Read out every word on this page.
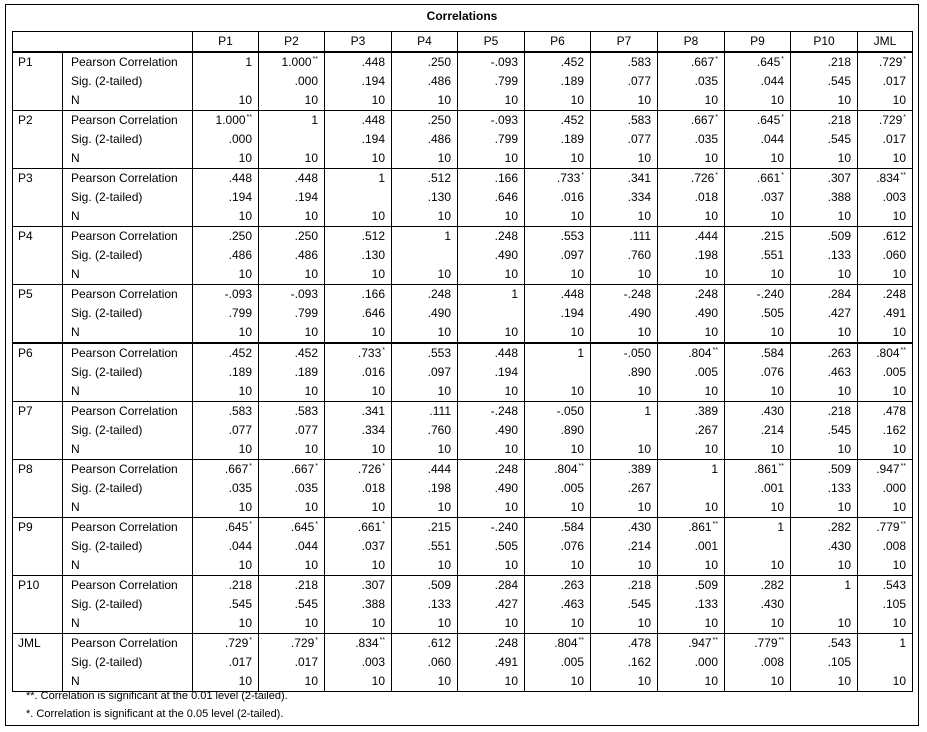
Correlations
		P1	P2	P3	P4	P5	P6	P7	P8	P9	P10	JML
P1	Pearson Correlation	1	1.000**	.448	.250	-.093	.452	.583	.667*	.645*	.218	.729*
	Sig. (2-tailed)		.000	.194	.486	.799	.189	.077	.035	.044	.545	.017
	N	10	10	10	10	10	10	10	10	10	10	10
P2	Pearson Correlation	1.000**	1	.448	.250	-.093	.452	.583	.667*	.645*	.218	.729*
	Sig. (2-tailed)	.000		.194	.486	.799	.189	.077	.035	.044	.545	.017
	N	10	10	10	10	10	10	10	10	10	10	10
P3	Pearson Correlation	.448	.448	1	.512	.166	.733*	.341	.726*	.661*	.307	.834**
	Sig. (2-tailed)	.194	.194		.130	.646	.016	.334	.018	.037	.388	.003
	N	10	10	10	10	10	10	10	10	10	10	10
P4	Pearson Correlation	.250	.250	.512	1	.248	.553	.111	.444	.215	.509	.612
	Sig. (2-tailed)	.486	.486	.130		.490	.097	.760	.198	.551	.133	.060
	N	10	10	10	10	10	10	10	10	10	10	10
P5	Pearson Correlation	-.093	-.093	.166	.248	1	.448	-.248	.248	-.240	.284	.248
	Sig. (2-tailed)	.799	.799	.646	.490		.194	.490	.490	.505	.427	.491
	N	10	10	10	10	10	10	10	10	10	10	10
P6	Pearson Correlation	.452	.452	.733*	.553	.448	1	-.050	.804**	.584	.263	.804**
	Sig. (2-tailed)	.189	.189	.016	.097	.194		.890	.005	.076	.463	.005
	N	10	10	10	10	10	10	10	10	10	10	10
P7	Pearson Correlation	.583	.583	.341	.111	-.248	-.050	1	.389	.430	.218	.478
	Sig. (2-tailed)	.077	.077	.334	.760	.490	.890		.267	.214	.545	.162
	N	10	10	10	10	10	10	10	10	10	10	10
P8	Pearson Correlation	.667*	.667*	.726*	.444	.248	.804**	.389	1	.861**	.509	.947**
	Sig. (2-tailed)	.035	.035	.018	.198	.490	.005	.267		.001	.133	.000
	N	10	10	10	10	10	10	10	10	10	10	10
P9	Pearson Correlation	.645*	.645*	.661*	.215	-.240	.584	.430	.861**	1	.282	.779**
	Sig. (2-tailed)	.044	.044	.037	.551	.505	.076	.214	.001		.430	.008
	N	10	10	10	10	10	10	10	10	10	10	10
P10	Pearson Correlation	.218	.218	.307	.509	.284	.263	.218	.509	.282	1	.543
	Sig. (2-tailed)	.545	.545	.388	.133	.427	.463	.545	.133	.430		.105
	N	10	10	10	10	10	10	10	10	10	10	10
JML	Pearson Correlation	.729*	.729*	.834**	.612	.248	.804**	.478	.947**	.779**	.543	1
	Sig. (2-tailed)	.017	.017	.003	.060	.491	.005	.162	.000	.008	.105	
	N	10	10	10	10	10	10	10	10	10	10	10
**. Correlation is significant at the 0.01 level (2-tailed).
*. Correlation is significant at the 0.05 level (2-tailed).
